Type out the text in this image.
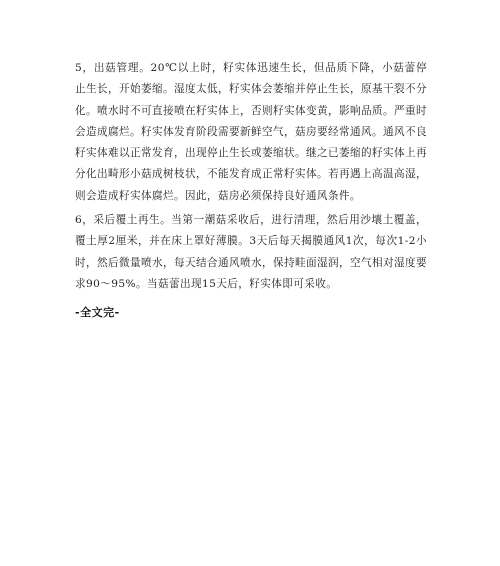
5，出菇管理。20℃以上时，籽实体迅速生长，但品质下降，小菇蕾停止生长，开始萎缩。湿度太低，籽实体会萎缩并停止生长，原基干裂不分化。喷水时不可直接喷在籽实体上，否则籽实体变黄，影响品质。严重时会造成腐烂。籽实体发育阶段需要新鲜空气，菇房要经常通风。通风不良籽实体难以正常发育，出现停止生长或萎缩状。继之已萎缩的籽实体上再分化出畸形小菇成树枝状，不能发育成正常籽实体。若再遇上高温高湿，则会造成籽实体腐烂。因此，菇房必须保持良好通风条件。

6，采后覆土再生。当第一潮菇采收后，进行清理，然后用沙壤土覆盖，覆土厚2厘米，并在床上罩好薄膜。3天后每天揭膜通风1次，每次1-2小时，然后微量喷水，每天结合通风喷水，保持畦面湿润，空气相对湿度要求90～95%。当菇蕾出现15天后，籽实体即可采收。

-全文完-
